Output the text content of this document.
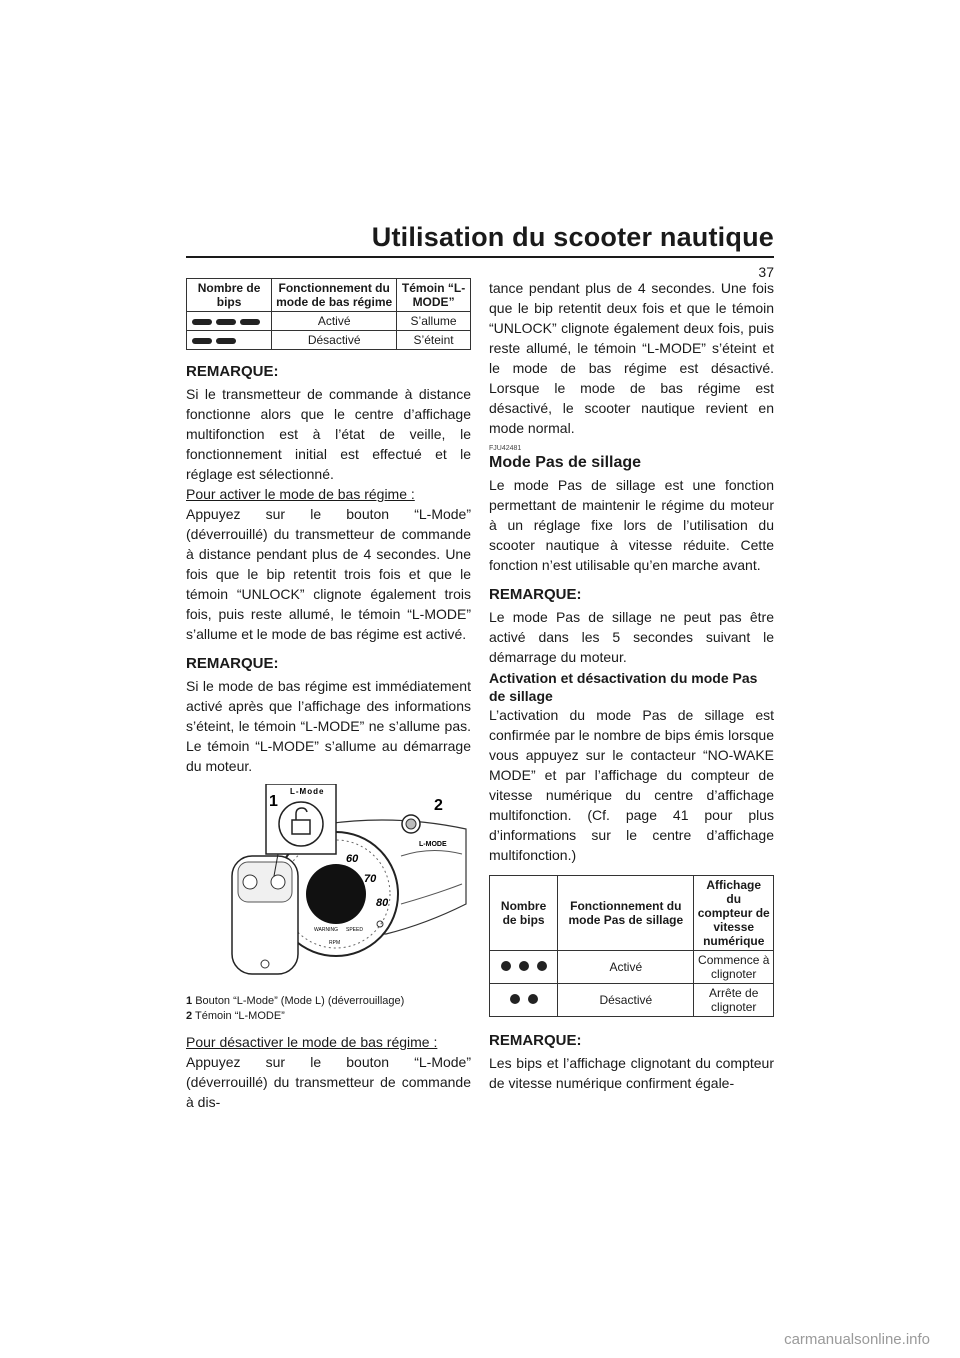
Utilisation du scooter nautique
37
Nombre de bips	Fonctionnement du mode de bas régime	Témoin “L-MODE”
	Activé	S’allume
	Désactivé	S’éteint
REMARQUE:

Si le transmetteur de commande à distance fonctionne alors que le centre d’affichage multifonction est à l’état de veille, le fonctionnement initial est effectué et le réglage est sélectionné.

Pour activer le mode de bas régime :

Appuyez sur le bouton “L-Mode” (déverrouillé) du transmetteur de commande à distance pendant plus de 4 secondes. Une fois que le bip retentit trois fois et que le témoin “UNLOCK” clignote également trois fois, puis reste allumé, le témoin “L-MODE” s’allume et le mode de bas régime est activé.

REMARQUE:

Si le mode de bas régime est immédiatement activé après que l’affichage des informations s’éteint, le témoin “L-MODE” ne s’allume pas. Le témoin “L-MODE” s’allume au démarrage du moteur.

60
70
80
WARNING SPEED
RPM
L-MODE
2
L-Mode
1
1 Bouton “L-Mode” (Mode L) (déverrouillage)
2 Témoin “L-MODE”

Pour désactiver le mode de bas régime :

Appuyez sur le bouton “L-Mode” (déverrouillé) du transmetteur de commande à dis-

tance pendant plus de 4 secondes. Une fois que le bip retentit deux fois et que le témoin “UNLOCK” clignote également deux fois, puis reste allumé, le témoin “L-MODE” s’éteint et le mode de bas régime est désactivé. Lorsque le mode de bas régime est désactivé, le scooter nautique revient en mode normal.

FJU42481
Mode Pas de sillage

Le mode Pas de sillage est une fonction permettant de maintenir le régime du moteur à un réglage fixe lors de l’utilisation du scooter nautique à vitesse réduite. Cette fonction n’est utilisable qu’en marche avant.

REMARQUE:

Le mode Pas de sillage ne peut pas être activé dans les 5 secondes suivant le démarrage du moteur.

Activation et désactivation du mode Pas de sillage

L’activation du mode Pas de sillage est confirmée par le nombre de bips émis lorsque vous appuyez sur le contacteur “NO-WAKE MODE” et par l’affichage du compteur de vitesse numérique du centre d’affichage multifonction. (Cf. page 41 pour plus d’informations sur le centre d’affichage multifonction.)

Nombre de bips	Fonctionnement du mode Pas de sillage	Affichage du compteur de vitesse numérique
	Activé	Commence à clignoter
	Désactivé	Arrête de clignoter
REMARQUE:

Les bips et l’affichage clignotant du compteur de vitesse numérique confirment égale-

carmanualsonline.info
